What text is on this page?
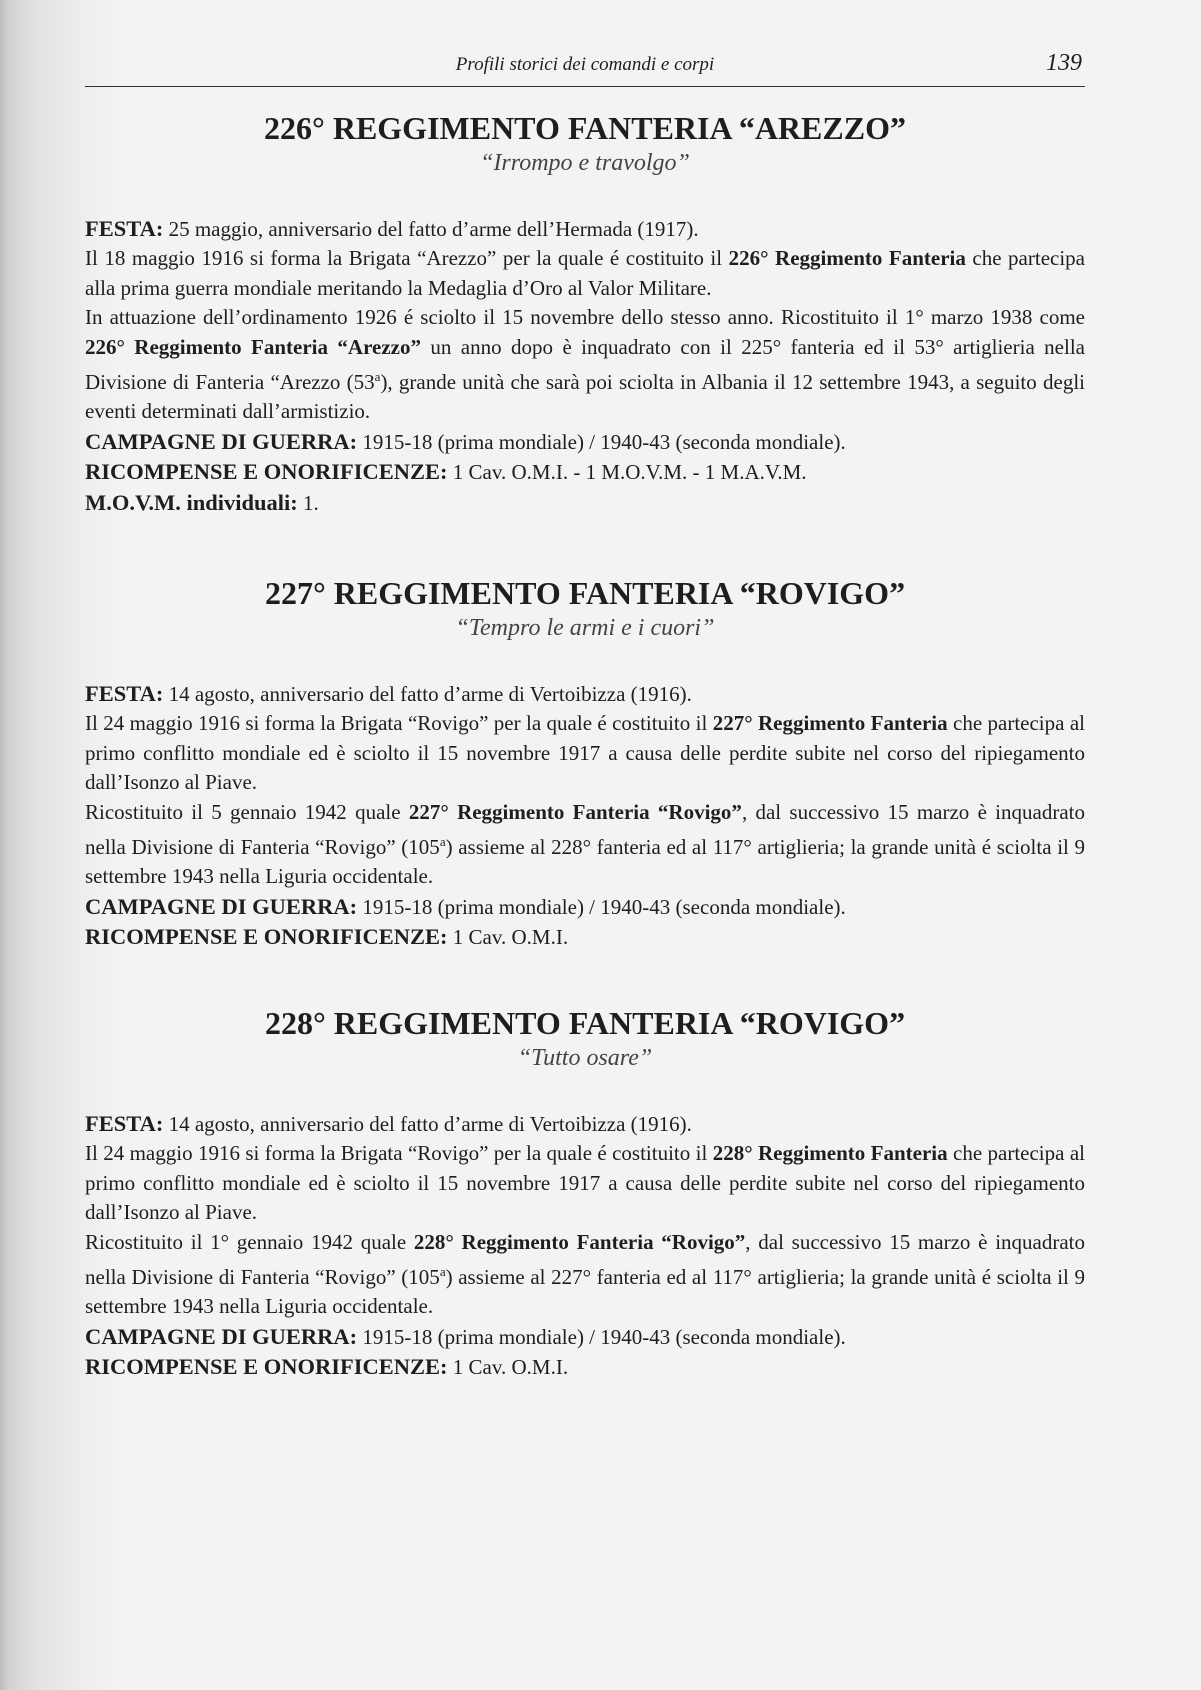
Profili storici dei comandi e corpi	139
226° REGGIMENTO FANTERIA “AREZZO”
“Irrompo e travolgo”

FESTA: 25 maggio, anniversario del fatto d’arme dell’Hermada (1917).

Il 18 maggio 1916 si forma la Brigata “Arezzo” per la quale é costituito il 226° Reggimento Fanteria che partecipa alla prima guerra mondiale meritando la Medaglia d’Oro al Valor Militare.

In attuazione dell’ordinamento 1926 é sciolto il 15 novembre dello stesso anno. Ricostituito il 1° marzo 1938 come 226° Reggimento Fanteria “Arezzo” un anno dopo è inquadrato con il 225° fanteria ed il 53° artiglieria nella Divisione di Fanteria “Arezzo (53$^a$), grande unità che sarà poi sciolta in Albania il 12 settembre 1943, a seguito degli eventi determinati dall’armistizio.

CAMPAGNE DI GUERRA: 1915-18 (prima mondiale) / 1940-43 (seconda mondiale).

RICOMPENSE E ONORIFICENZE: 1 Cav. O.M.I. - 1 M.O.V.M. - 1 M.A.V.M.

M.O.V.M. individuali: 1.

227° REGGIMENTO FANTERIA “ROVIGO”
“Tempro le armi e i cuori”

FESTA: 14 agosto, anniversario del fatto d’arme di Vertoibizza (1916).

Il 24 maggio 1916 si forma la Brigata “Rovigo” per la quale é costituito il 227° Reggimento Fanteria che partecipa al primo conflitto mondiale ed è sciolto il 15 novembre 1917 a causa delle perdite subite nel corso del ripiegamento dall’Isonzo al Piave.

Ricostituito il 5 gennaio 1942 quale 227° Reggimento Fanteria “Rovigo”, dal successivo 15 marzo è inquadrato nella Divisione di Fanteria “Rovigo” (105$^a$) assieme al 228° fanteria ed al 117° artiglieria; la grande unità é sciolta il 9 settembre 1943 nella Liguria occidentale.

CAMPAGNE DI GUERRA: 1915-18 (prima mondiale) / 1940-43 (seconda mondiale).

RICOMPENSE E ONORIFICENZE: 1 Cav. O.M.I.

228° REGGIMENTO FANTERIA “ROVIGO”
“Tutto osare”

FESTA: 14 agosto, anniversario del fatto d’arme di Vertoibizza (1916).

Il 24 maggio 1916 si forma la Brigata “Rovigo” per la quale é costituito il 228° Reggimento Fanteria che partecipa al primo conflitto mondiale ed è sciolto il 15 novembre 1917 a causa delle perdite subite nel corso del ripiegamento dall’Isonzo al Piave.

Ricostituito il 1° gennaio 1942 quale 228° Reggimento Fanteria “Rovigo”, dal successivo 15 marzo è inquadrato nella Divisione di Fanteria “Rovigo” (105$^a$) assieme al 227° fanteria ed al 117° artiglieria; la grande unità é sciolta il 9 settembre 1943 nella Liguria occidentale.

CAMPAGNE DI GUERRA: 1915-18 (prima mondiale) / 1940-43 (seconda mondiale).

RICOMPENSE E ONORIFICENZE: 1 Cav. O.M.I.
